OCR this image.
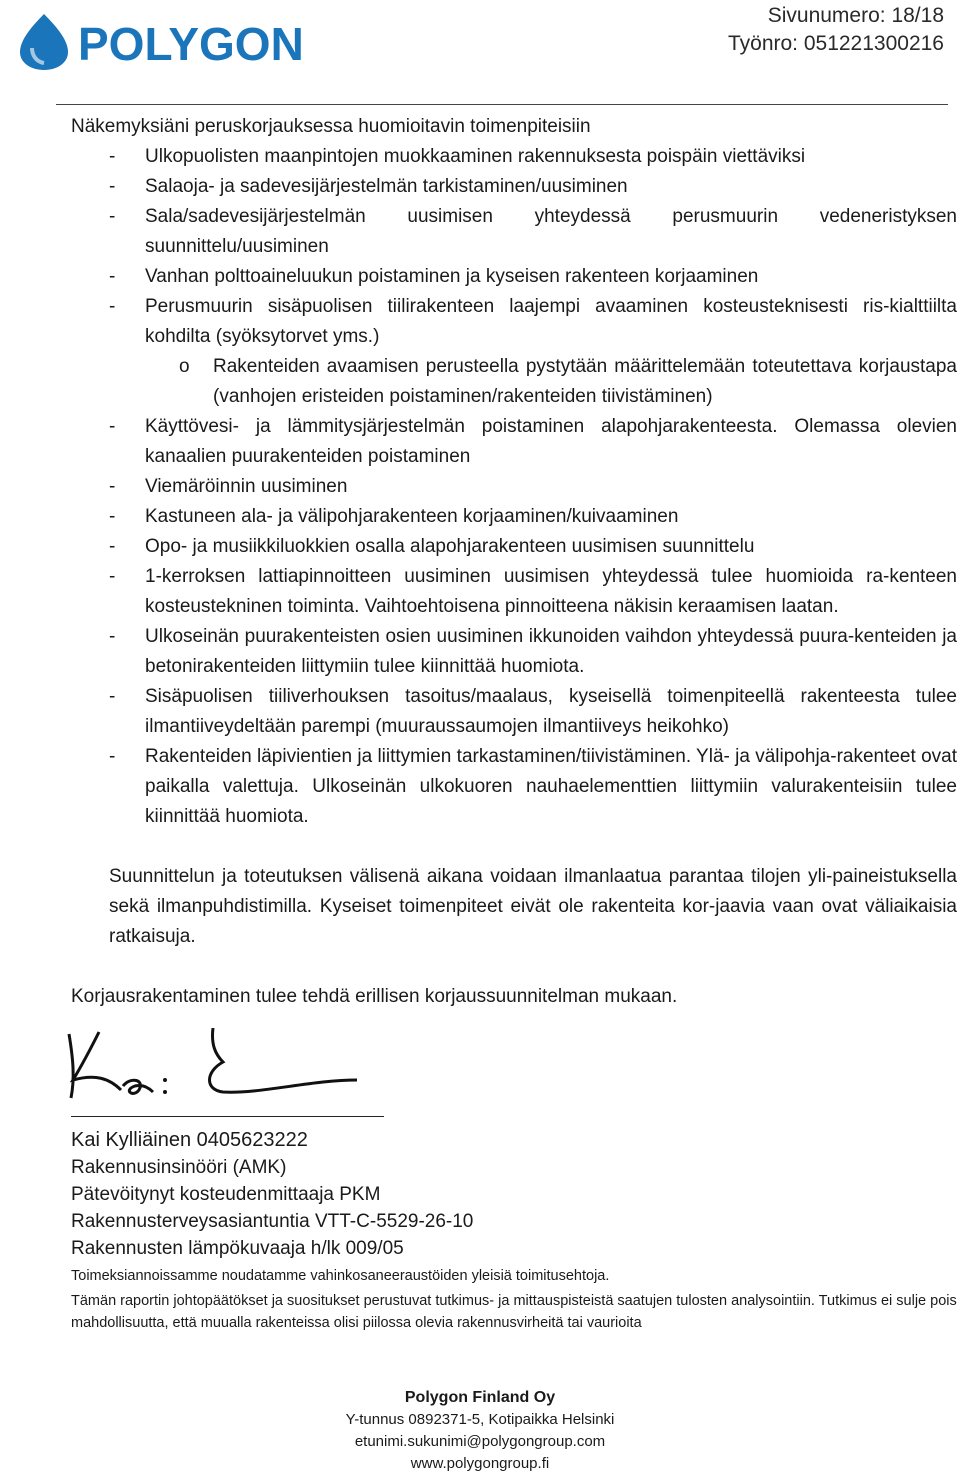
POLYGON
Sivunumero: 18/18
Työnro: 051221300216

Näkemyksiäni peruskorjauksessa huomioitavin toimenpiteisiin

- Ulkopuolisten maanpintojen muokkaaminen rakennuksesta poispäin viettäviksi
- Salaoja- ja sadevesijärjestelmän tarkistaminen/uusiminen
- Sala/sadevesijärjestelmän uusimisen yhteydessä perusmuurin vedeneristyksen suunnittelu/uusiminen
- Vanhan polttoaineluukun poistaminen ja kyseisen rakenteen korjaaminen
- Perusmuurin sisäpuolisen tiilirakenteen laajempi avaaminen kosteusteknisesti ris-kialttiilta kohdilta (syöksytorvet yms.)
o Rakenteiden avaamisen perusteella pystytään määrittelemään toteutettava korjaustapa (vanhojen eristeiden poistaminen/rakenteiden tiivistäminen)
- Käyttövesi- ja lämmitysjärjestelmän poistaminen alapohjarakenteesta. Olemassa olevien kanaalien puurakenteiden poistaminen
- Viemäröinnin uusiminen
- Kastuneen ala- ja välipohjarakenteen korjaaminen/kuivaaminen
- Opo- ja musiikkiluokkien osalla alapohjarakenteen uusimisen suunnittelu
- 1-kerroksen lattiapinnoitteen uusiminen uusimisen yhteydessä tulee huomioida ra-kenteen kosteustekninen toiminta. Vaihtoehtoisena pinnoitteena näkisin keraamisen laatan.
- Ulkoseinän puurakenteisten osien uusiminen ikkunoiden vaihdon yhteydessä puura-kenteiden ja betonirakenteiden liittymiin tulee kiinnittää huomiota.
- Sisäpuolisen tiiliverhouksen tasoitus/maalaus, kyseisellä toimenpiteellä rakenteesta tulee ilmantiiveydeltään parempi (muuraussaumojen ilmantiiveys heikohko)
- Rakenteiden läpivientien ja liittymien tarkastaminen/tiivistäminen. Ylä- ja välipohja-rakenteet ovat paikalla valettuja. Ulkoseinän ulkokuoren nauhaelementtien liittymiin valurakenteisiin tulee kiinnittää huomiota.

Suunnittelun ja toteutuksen välisenä aikana voidaan ilmanlaatua parantaa tilojen yli-paineistuksella sekä ilmanpuhdistimilla. Kyseiset toimenpiteet eivät ole rakenteita kor-jaavia vaan ovat väliaikaisia ratkaisuja.

Korjausrakentaminen tulee tehdä erillisen korjaussuunnitelman mukaan.

Kai Kylliäinen 0405623222
Rakennusinsinööri (AMK)
Pätevöitynyt kosteudenmittaaja PKM
Rakennusterveysasiantuntia VTT-C-5529-26-10
Rakennusten lämpökuvaaja h/lk 009/05
Toimeksiannoissamme noudatamme vahinkosaneeraustöiden yleisiä toimitusehtoja.
Tämän raportin johtopäätökset ja suositukset perustuvat tutkimus- ja mittauspisteistä saatujen tulosten analysointiin. Tutkimus ei sulje pois mahdollisuutta, että muualla rakenteissa olisi piilossa olevia rakennusvirheitä tai vaurioita
Polygon Finland Oy
Y-tunnus 0892371-5, Kotipaikka Helsinki
etunimi.sukunimi@polygongroup.com
www.polygongroup.fi
